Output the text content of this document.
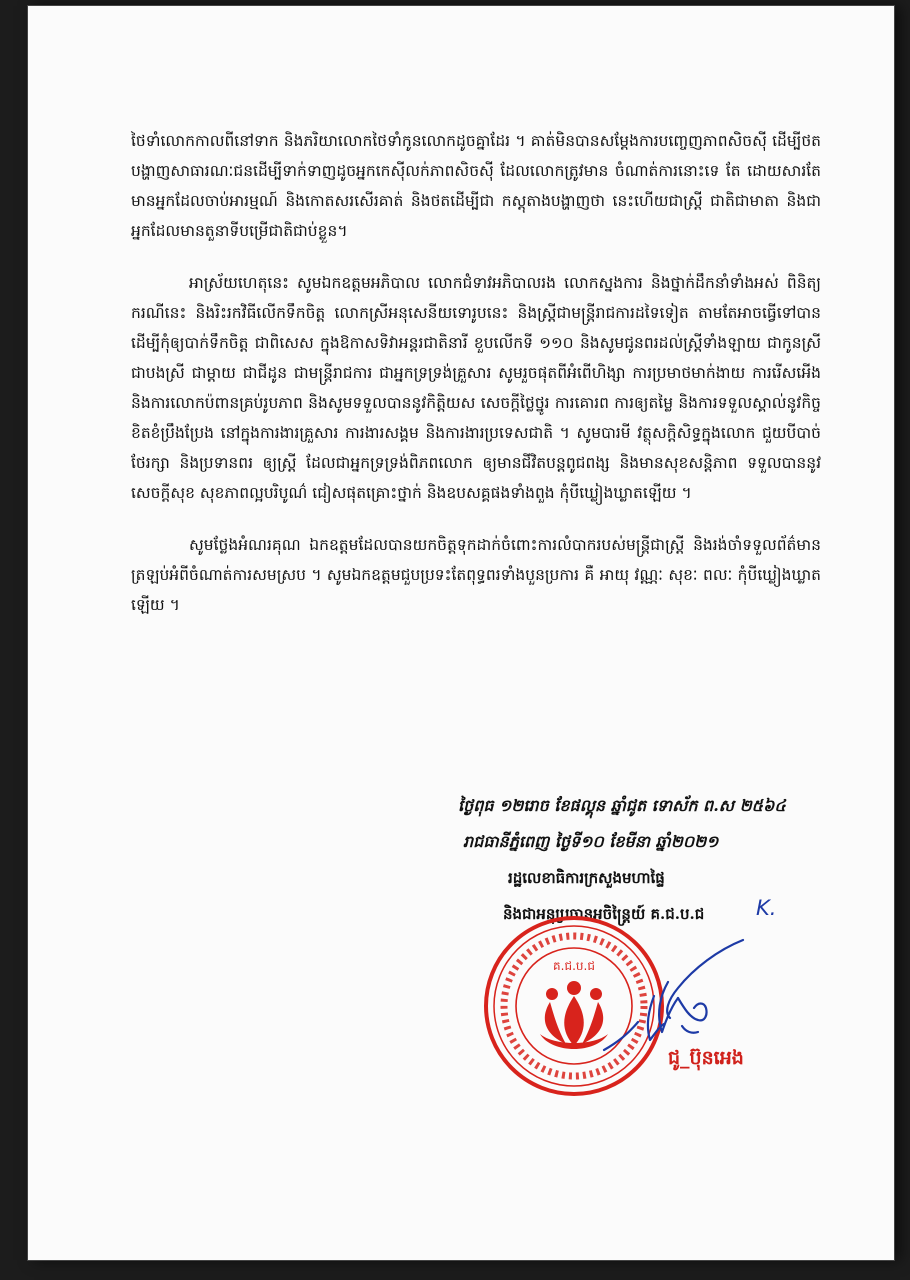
ថៃទាំលោកកាលពីនៅទាក និងភរិយាលោកថៃទាំកូនលោកដូចគ្នាដែរ ។ គាត់មិនបានសម្តែងការបញ្ចេញភាពសិចស៊ី ដើម្បីថតបង្ហាញសាធារណៈជនដើម្បីទាក់ទាញដូចអ្នកកេស៊ីលក់ភាពសិចស៊ី ដែលលោកត្រូវមាន ចំណាត់ការនោះទេ តែ ដោយសារតែមានអ្នកដែលចាប់អារម្មណ៍ និងកោតសរសើរគាត់ និងថតដើម្បីជា កស្តុតាងបង្ហាញថា នេះហើយជាស្រ្តី ជាតិជាមាតា និងជាអ្នកដែលមានតួនាទីបម្រើជាតិជាប់ខ្លួន។

អាស្រ័យហេតុនេះ សូមឯកឧត្តមអភិបាល លោកជំទាវអភិបាលរង លោកស្នងការ និងថ្នាក់ដឹកនាំទាំងអស់ ពិនិត្យករណីនេះ និងរិះរកវិធីលើកទឹកចិត្ត លោកស្រីអនុសេនីយទោរូបនេះ និងស្រ្តីជាមន្ត្រីរាជការដទៃទៀត តាមតែអាចធ្វើទៅបាន ដើម្បីកុំឲ្យបាក់ទឹកចិត្ត ជាពិសេស ក្នុងឱកាសទិវាអន្តរជាតិនារី ខួបលើកទី ១១០ និងសូមជូនពរដល់ស្រ្តីទាំងឡាយ ជាកូនស្រី ជាបងស្រី ជាម្តាយ ជាជីដូន ជាមន្ត្រីរាជការ ជាអ្នកទ្រទ្រង់គ្រួសារ សូមរួចផុតពីអំពើហិង្សា ការប្រមាថមាក់ងាយ ការរើសអើង និងការលោកប៉ពានគ្រប់រូបភាព និងសូមទទួលបាននូវកិត្តិយស សេចក្តីថ្លៃថ្នូរ ការគោរព ការឲ្យតម្លៃ និងការទទួលស្គាល់នូវកិច្ចខិតខំប្រឹងប្រែង នៅក្នុងការងារគ្រួសារ ការងារសង្គម និងការងារប្រទេសជាតិ ។ សូមបារមី វត្ថុសក្តិសិទ្ធក្នុងលោក ជួយបីបាច់ថែរក្សា និងប្រទានពរ ឲ្យស្រ្តី ដែលជាអ្នកទ្រទ្រង់ពិភពលោក ឲ្យមានជីវិតបន្តពូជពង្ស និងមានសុខសន្តិភាព ទទួលបាននូវសេចក្តីសុខ សុខភាពល្អបរិបូណ៌ ជៀសផុតគ្រោះថ្នាក់ និងឧបសគ្គផងទាំងពួង កុំបីឃ្លៀងឃ្លាតឡើយ ។

សូមថ្លែងអំណរគុណ ឯកឧត្តមដែលបានយកចិត្តទុកដាក់ចំពោះការលំបាករបស់មន្ត្រីជាស្ត្រី និងរង់ចាំទទួលព័ត៌មានត្រឡប់អំពីចំណាត់ការសមស្រប ។ សូមឯកឧត្តមជួបប្រទះតែពុទ្ធពរទាំងបួនប្រការ គឺ អាយុ វណ្ណៈ សុខៈ ពលៈ កុំបីឃ្លៀងឃ្លាតឡើយ ។

ថ្ងៃពុធ ១២រោច ខែផល្គុន ឆ្នាំជូត ទោស័ក ព.ស ២៥៦៤
រាជធានីភ្នំពេញ ថ្ងៃទី១០ ខែមីនា ឆ្នាំ២០២១
រដ្ឋលេខាធិការក្រសួងមហាផ្ទៃ
និងជាអនុប្រធានអចិន្ត្រៃយ៍ គ.ជ.ប.ជ	K.
គ.ជ.ប.ជ
ជូ_ប៊ុនអេង
